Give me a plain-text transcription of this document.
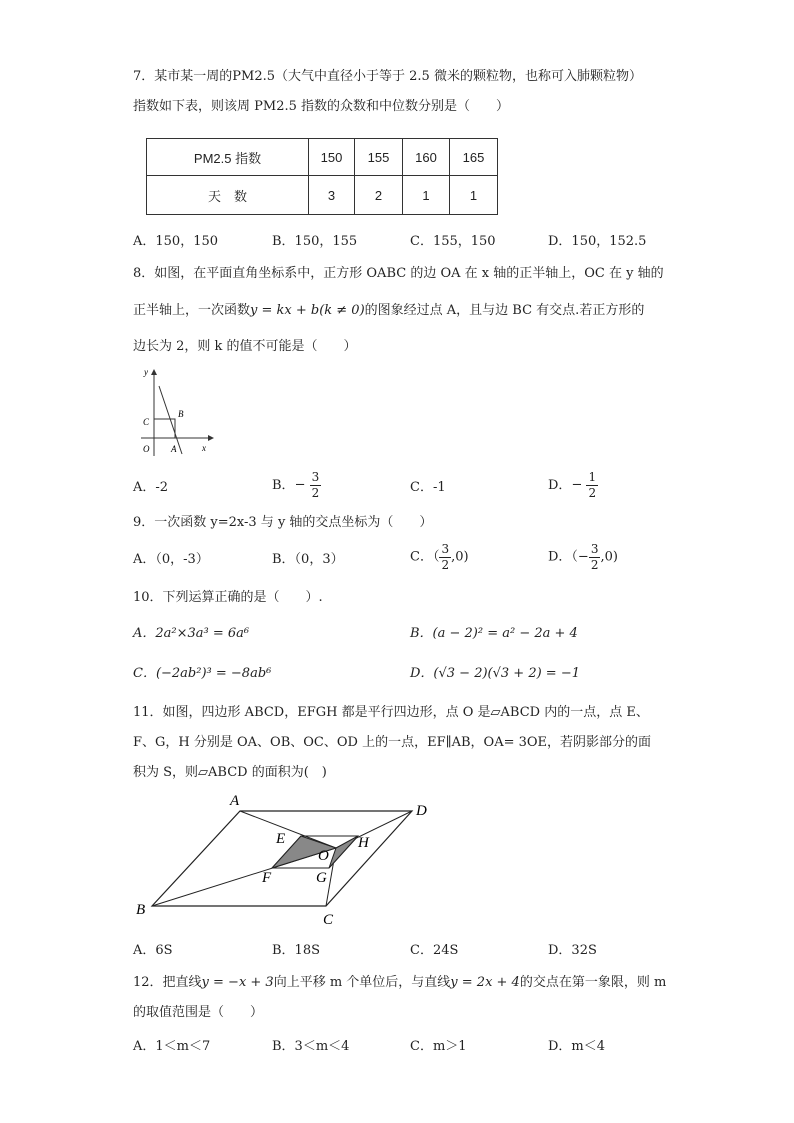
7．某市某一周的PM2.5（大气中直径小于等于 2.5 微米的颗粒物，也称可入肺颗粒物）
指数如下表，则该周 PM2.5 指数的众数和中位数分别是（　　）
PM2.5 指数	150	155	160	165
天　数	3	2	1	1
A．150，150	B．150，155	C．155，150	D．150，152.5
8．如图，在平面直角坐标系中，正方形 OABC 的边 OA 在 x 轴的正半轴上，OC 在 y 轴的
正半轴上，一次函数y = kx + b(k ≠ 0)的图象经过点 A，且与边 BC 有交点.若正方形的
边长为 2，则 k 的值不可能是（　　）
y
x
C
B
O A
A．-2	B．− $\frac{3}{2}$	C．-1	D．− $\frac{1}{2}$
9．一次函数 y=2x-3 与 y 轴的交点坐标为（　　）
A．（0，-3）	B．（0，3）	C．（ $\frac{3}{2} ,0$)	D．（− $\frac{3}{2} ,0$)
10．下列运算正确的是（　　）.
A．2a²×3a³ = 6a⁶	B．(a − 2)² = a² − 2a + 4
C．(−2ab²)³ = −8ab⁶	D．(√3 − 2)(√3 + 2) = −1
11．如图，四边形 ABCD，EFGH 都是平行四边形，点 O 是▱ABCD 内的一点，点 E、
F、G，H 分别是 OA、OB、OC、OD 上的一点，EF∥AB，OA= 3OE，若阴影部分的面
积为 S，则▱ABCD 的面积为(　)
A
D
B
C
E
F	G
H
O
A．6S	B．18S	C．24S	D．32S
12．把直线y = −x + 3向上平移 m 个单位后，与直线y = 2x + 4的交点在第一象限，则 m
的取值范围是（　　）
A．1＜m＜7	B．3＜m＜4	C．m＞1	D．m＜4
